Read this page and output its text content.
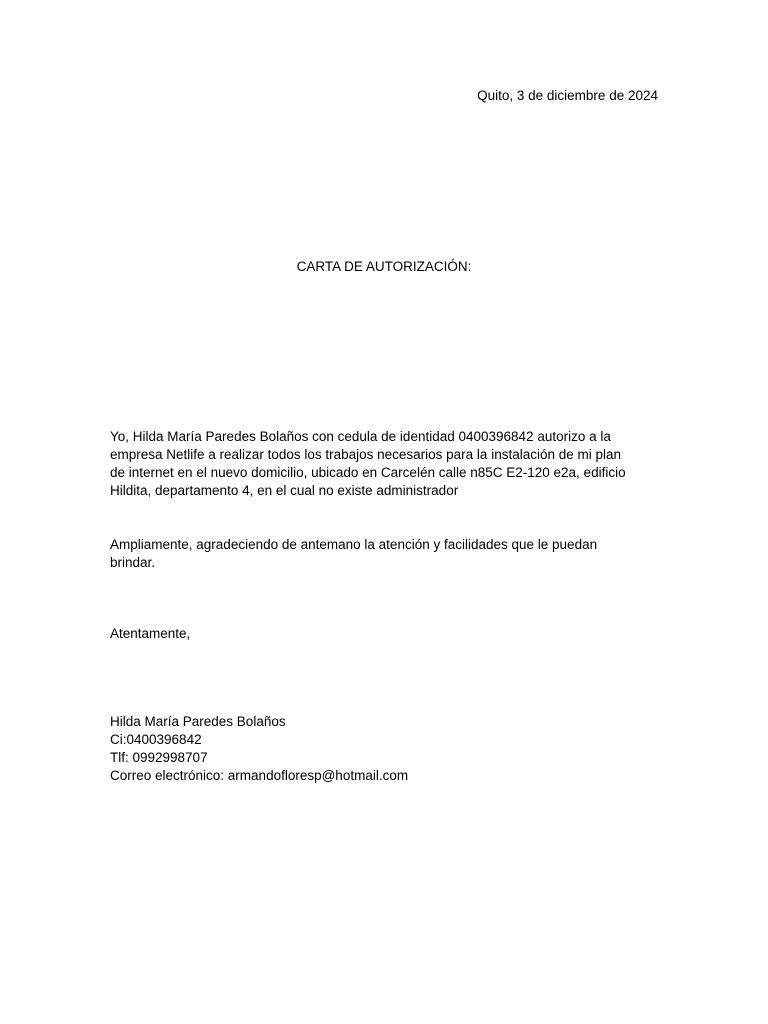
Quito, 3 de diciembre de 2024
CARTA DE AUTORIZACIÓN:
Yo, Hilda María Paredes Bolaños con cedula de identidad 0400396842 autorizo a la
empresa Netlife a realizar todos los trabajos necesarios para la instalación de mi plan
de internet en el nuevo domicilio, ubicado en Carcelén calle n85C E2-120 e2a, edificio
Hildita, departamento 4, en el cual no existe administrador
Ampliamente, agradeciendo de antemano la atención y facilidades que le puedan
brindar.
Atentamente,
Hilda María Paredes Bolaños
Ci:0400396842
Tlf: 0992998707
Correo electrónico: armandofloresp@hotmail.com
